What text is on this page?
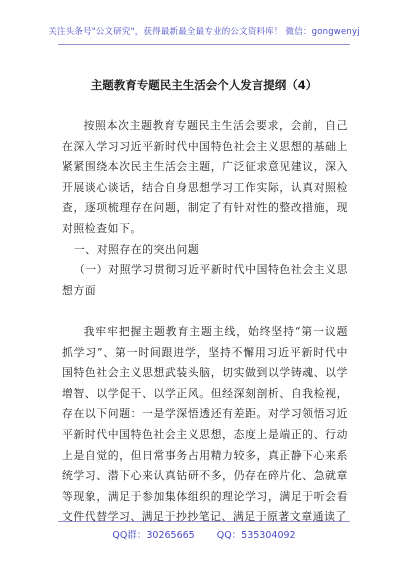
关注头条号"公文研究"，获得最新最全最专业的公文资料库！ 微信：gongwenyj
主题教育专题民主生活会个人发言提纲（4）

按照本次主题教育专题民主生活会要求，会前，自己在深入学习习近平新时代中国特色社会主义思想的基础上紧紧围绕本次民主生活会主题，广泛征求意见建议，深入开展谈心谈话，结合自身思想学习工作实际，认真对照检查，逐项梳理存在问题，制定了有针对性的整改措施，现对照检查如下。

一、对照存在的突出问题

（一）对照学习贯彻习近平新时代中国特色社会主义思想方面

我牢牢把握主题教育主题主线，始终坚持“第一议题抓学习”、第一时间跟进学，坚持不懈用习近平新时代中国特色社会主义思想武装头脑，切实做到以学铸魂、以学增智、以学促干、以学正风。但经深刻剖析、自我检视，存在以下问题：一是学深悟透还有差距。对学习领悟习近平新时代中国特色社会主义思想，态度上是端正的、行动上是自觉的，但日常事务占用精力较多，真正静下心来系统学习、潜下心来认真钻研不多，仍存在碎片化、急就章等现象，满足于参加集体组织的理论学习，满足于听会看文件代替学习、满足于抄抄笔记、满足于原著文章通读了

QQ群：30265665 QQ：535304092
